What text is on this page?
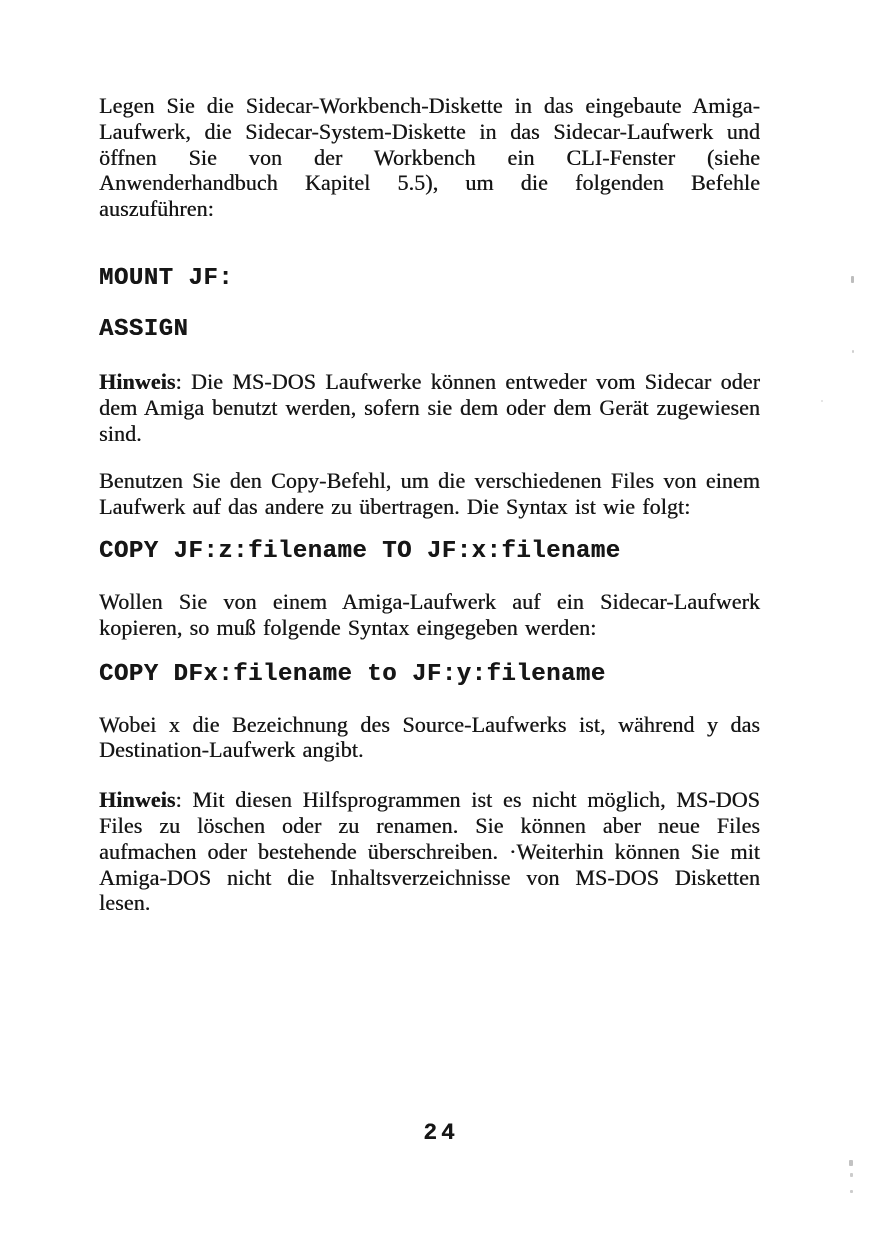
Legen Sie die Sidecar-Workbench-Diskette in das eingebaute Amiga-Laufwerk, die Sidecar-System-Diskette in das Sidecar-Laufwerk und öffnen Sie von der Workbench ein CLI-Fenster (siehe Anwenderhandbuch Kapitel 5.5), um die folgenden Befehle auszuführen:

MOUNT JF:
ASSIGN

Hinweis: Die MS-DOS Laufwerke können entweder vom Sidecar oder dem Amiga benutzt werden, sofern sie dem oder dem Gerät zugewiesen sind.

Benutzen Sie den Copy-Befehl, um die verschiedenen Files von einem Laufwerk auf das andere zu übertragen. Die Syntax ist wie folgt:

COPY JF:z:filename TO JF:x:filename

Wollen Sie von einem Amiga-Laufwerk auf ein Sidecar-Laufwerk kopieren, so muß folgende Syntax eingegeben werden:

COPY DFx:filename to JF:y:filename

Wobei x die Bezeichnung des Source-Laufwerks ist, während y das Destination-Laufwerk angibt.

Hinweis: Mit diesen Hilfsprogrammen ist es nicht möglich, MS-DOS Files zu löschen oder zu renamen. Sie können aber neue Files aufmachen oder bestehende überschreiben. ·Weiterhin können Sie mit Amiga-DOS nicht die Inhaltsverzeichnisse von MS-DOS Disketten lesen.

24
